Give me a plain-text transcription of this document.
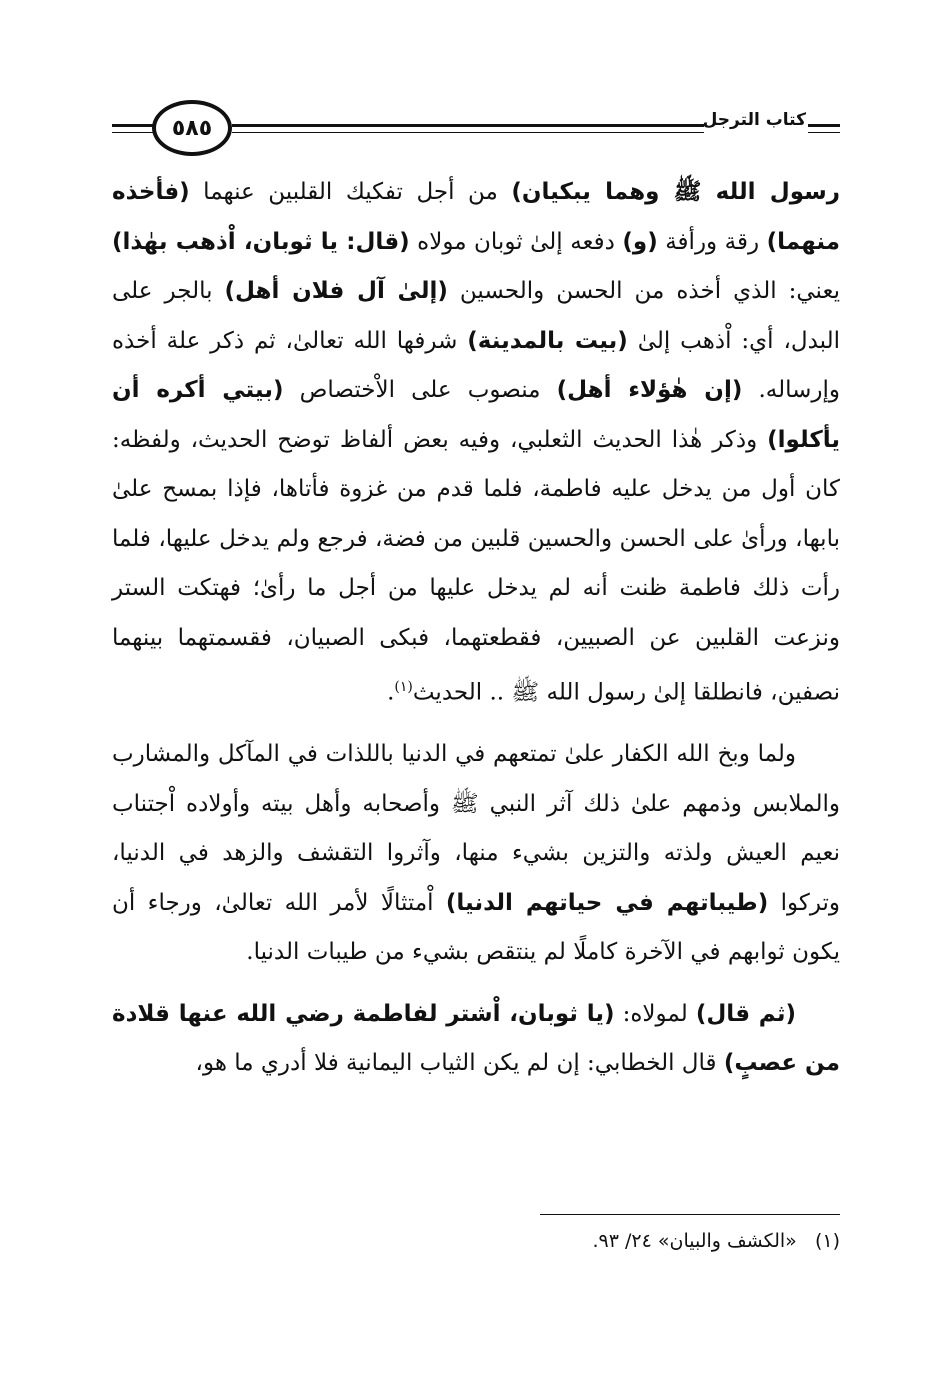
كتاب الترجل
٥٨٥

رسول الله ﷺ وهما يبكيان) من أجل تفكيك القلبين عنهما (فأخذه منهما) رقة ورأفة (و) دفعه إلىٰ ثوبان مولاه (قال: يا ثوبان، اْذهب بهٰذا) يعني: الذي أخذه من الحسن والحسين (إلىٰ آل فلان أهل) بالجر على البدل، أي: اْذهب إلىٰ (بيت بالمدينة) شرفها الله تعالىٰ، ثم ذكر علة أخذه وإرساله. (إن هٰؤلاء أهل) منصوب على الاْختصاص (بيتي أكره أن يأكلوا) وذكر هٰذا الحديث الثعلبي، وفيه بعض ألفاظ توضح الحديث، ولفظه: كان أول من يدخل عليه فاطمة، فلما قدم من غزوة فأتاها، فإذا بمسح علىٰ بابها، ورأىٰ على الحسن والحسين قلبين من فضة، فرجع ولم يدخل عليها، فلما رأت ذلك فاطمة ظنت أنه لم يدخل عليها من أجل ما رأىٰ؛ فهتكت الستر ونزعت القلبين عن الصبيين، فقطعتهما، فبكى الصبيان، فقسمتهما بينهما نصفين، فانطلقا إلىٰ رسول الله ﷺ .. الحديث$^{(١)}$.

ولما وبخ الله الكفار علىٰ تمتعهم في الدنيا باللذات في المآكل والمشارب والملابس وذمهم علىٰ ذلك آثر النبي ﷺ وأصحابه وأهل بيته وأولاده اْجتناب نعيم العيش ولذته والتزين بشيء منها، وآثروا التقشف والزهد في الدنيا، وتركوا (طيباتهم في حياتهم الدنيا) اْمتثالًا لأمر الله تعالىٰ، ورجاء أن يكون ثوابهم في الآخرة كاملًا لم ينتقص بشيء من طيبات الدنيا.

(ثم قال) لمولاه: (يا ثوبان، اْشتر لفاطمة رضي الله عنها قلادة من عصبٍ) قال الخطابي: إن لم يكن الثياب اليمانية فلا أدري ما هو،

(١)   «الكشف والبيان» ٢٤/ ٩٣.
